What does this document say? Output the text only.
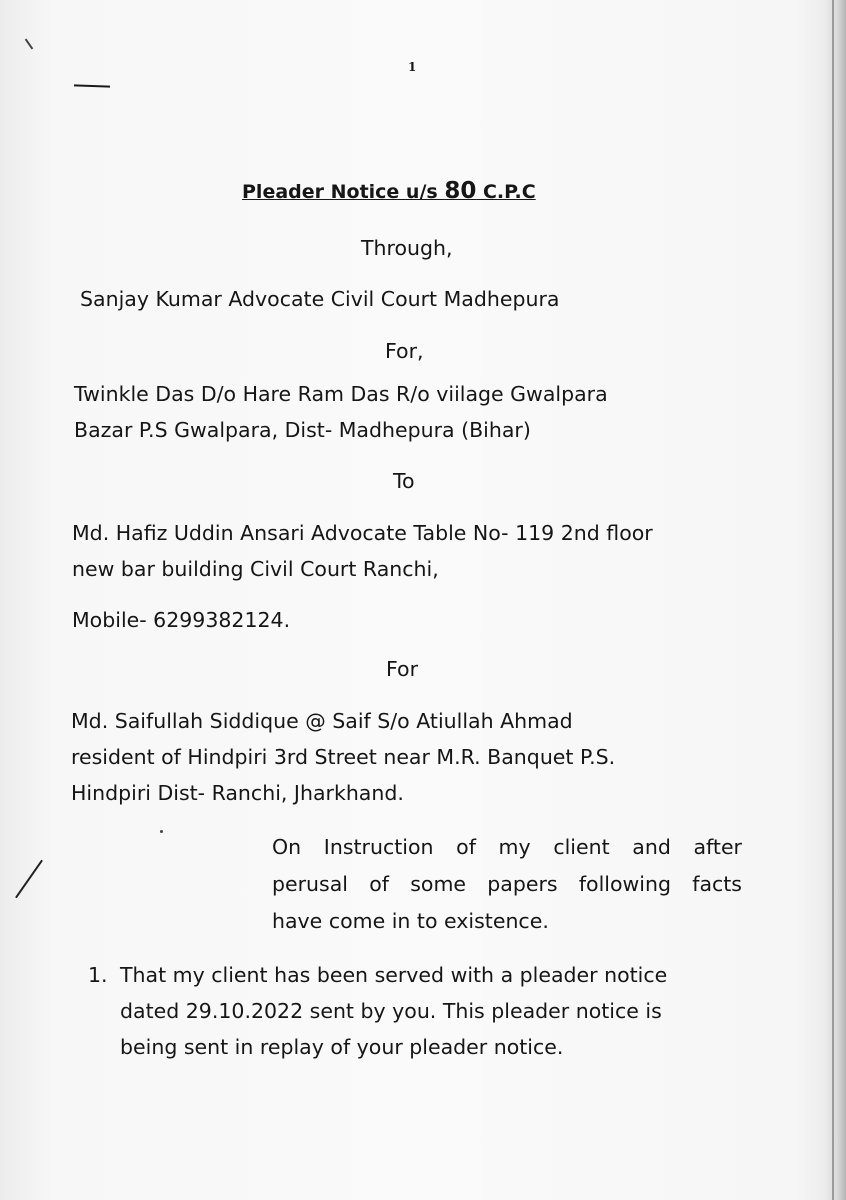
1
Pleader Notice u/s 80 C.P.C
Through,
Sanjay Kumar Advocate Civil Court Madhepura
For,
Twinkle Das D/o Hare Ram Das R/o viilage Gwalpara
Bazar P.S Gwalpara, Dist- Madhepura (Bihar)
To
Md. Hafiz Uddin Ansari Advocate Table No- 119 2nd floor
new bar building Civil Court Ranchi,
Mobile- 6299382124.
For
Md. Saifullah Siddique @ Saif S/o Atiullah Ahmad
resident of Hindpiri 3rd Street near M.R. Banquet P.S.
Hindpiri Dist- Ranchi, Jharkhand.
On Instruction of my client and after
perusal of some papers following facts
have come in to existence.
1. That my client has been served with a pleader notice
dated 29.10.2022 sent by you. This pleader notice is
being sent in replay of your pleader notice.
